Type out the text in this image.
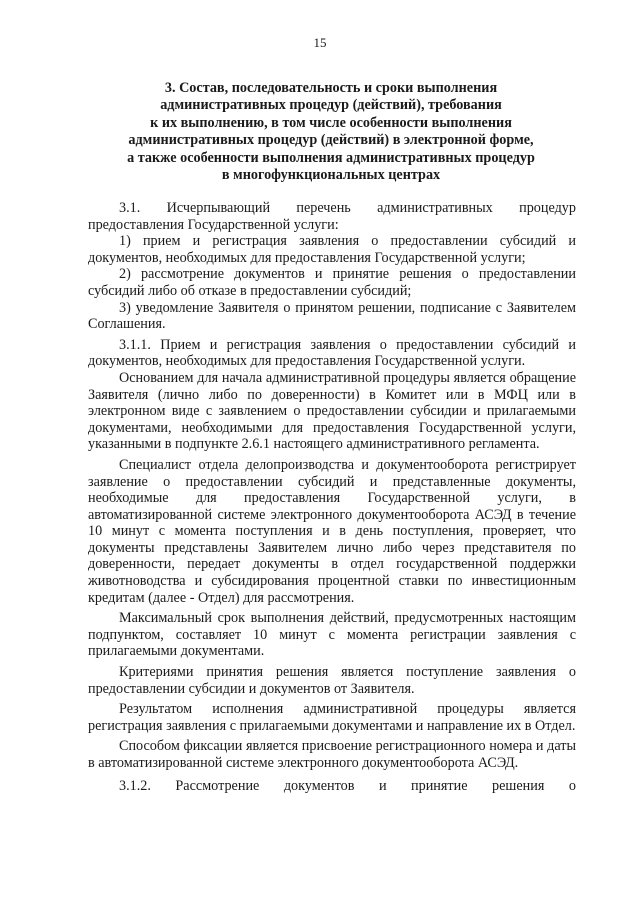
15
3. Состав, последовательность и сроки выполнения
административных процедур (действий), требования
к их выполнению, в том числе особенности выполнения
административных процедур (действий) в электронной форме,
а также особенности выполнения административных процедур
в многофункциональных центрах

3.1. Исчерпывающий перечень административных процедур предоставления Государственной услуги:

1) прием и регистрация заявления о предоставлении субсидий и документов, необходимых для предоставления Государственной услуги;

2) рассмотрение документов и принятие решения о предоставлении субсидий либо об отказе в предоставлении субсидий;

3) уведомление Заявителя о принятом решении, подписание с Заявителем Соглашения.

3.1.1. Прием и регистрация заявления о предоставлении субсидий и документов, необходимых для предоставления Государственной услуги.

Основанием для начала административной процедуры является обращение Заявителя (лично либо по доверенности) в Комитет или в МФЦ или в электронном виде с заявлением о предоставлении субсидии и прилагаемыми документами, необходимыми для предоставления Государственной услуги, указанными в подпункте 2.6.1 настоящего административного регламента.

Специалист отдела делопроизводства и документооборота регистрирует заявление о предоставлении субсидий и представленные документы, необходимые для предоставления Государственной услуги, в автоматизированной системе электронного документооборота АСЭД в течение 10 минут с момента поступления и в день поступления, проверяет, что документы представлены Заявителем лично либо через представителя по доверенности, передает документы в отдел государственной поддержки животноводства и субсидирования процентной ставки по инвестиционным кредитам (далее - Отдел) для рассмотрения.

Максимальный срок выполнения действий, предусмотренных настоящим подпунктом, составляет 10 минут с момента регистрации заявления с прилагаемыми документами.

Критериями принятия решения является поступление заявления о предоставлении субсидии и документов от Заявителя.

Результатом исполнения административной процедуры является регистрация заявления с прилагаемыми документами и направление их в Отдел.

Способом фиксации является присвоение регистрационного номера и даты в автоматизированной системе электронного документооборота АСЭД.

3.1.2. Рассмотрение документов и принятие решения о
